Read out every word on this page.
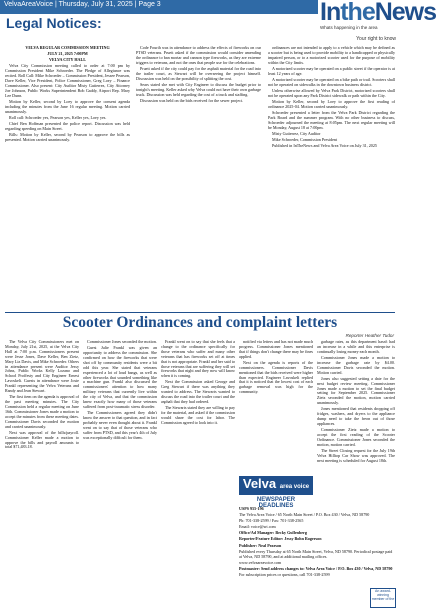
VelvaAreaVoice | Thursday, July 31, 2025 | Page 3	IntheNews
Whats happening in the area
Legal Notices:
Your right to know

VELVA REGULAR COMMISSION MEETING

JULY 21, 2025 7:00PM

VELVA CITY HALL

Velva City Commission meeting called to order at 7:00 pm by Commission President Mike Schroeder. The Pledge of Allegiance was recited. Roll Call: Mike Schroeder – Commission President, Jessee Pearson, Dave Keller, Vice President, Police Commissioner, Greg Loey – Finance Commissioner. Also present: City Auditor Misty Gutierrez, City Attorney Joe Johnson, Public Works Superintendent Bob Gaddy, Airport Rep. Mary Lee Dunn.

Motion by Keller, second by Loey to approve the consent agenda including the minutes from the June 16 regular meeting. Motion carried unanimously.

Roll call: Schroeder yes, Pearson yes, Keller yes, Loey yes.

Chief Ben Hoffman presented the police report. Discussion was held regarding speeding on Main Street.

Bills: Motion by Keller, second by Pearson to approve the bills as presented. Motion carried unanimously.

Code Fourth was in attendance to address the effects of fireworks on our PTSD veterans. Pruett asked if the commission would consider amending the ordinance to ban mortar and cannon type fireworks, as they are extreme triggers to veterans, and not the ones that people use for the celebrations.

Pruett asked if the city could pay for the asphalt material for the road into the trailer court, as Stewart will be overseeing the project himself. Discussion was held on the possibility of splitting the cost.

Sears stated she met with City Engineer to discuss the budget prior to tonight's meeting. Keller asked why Velva could not have their own garbage truck. Discussion was held regarding the cost of a truck and staffing.

Discussion was held on the bids received for the sewer project.

ordinances are not intended to apply to a vehicle which may be defined as a scooter but is being used to provide mobility to a handicapped or physically impaired person, or to a motorized scooter used for the purpose of mobility within the City limits.

A motorized scooter may be operated on a public street if the operator is at least 12 years of age.

A motorized scooter may be operated on a bike path or trail. Scooters shall not be operated on sidewalks in the downtown business district.

Unless otherwise allowed by Velva Park District, motorized scooters shall not be operated upon any Park District sidewalk or path within the City.

Motion by Keller, second by Loey to approve the first reading of ordinance 2025-04. Motion carried unanimously.

Schroeder presented a letter from the Velva Park District regarding the Park Board and the summer program. With no other business to discuss, Schroeder adjourned the meeting at 8:05pm. The next regular meeting will be Monday, August 18 at 7:00pm.

Misty Gutierrez, City Auditor

Mike Schroeder, Commission President

Published in InTheNews and Velva Area Voice on July 31, 2025

Scooter Ordinances and complaint letters
Reporter Heather Tudor

The Velva City Commissioners met on Monday, July 21st, 2025, at the Velva City Hall at 7:00 p.m. Commissioners present were Jesse Jones, Dave Keller, Ben Zietz, Mary Liz Davis, and Mike Schroeder. Others in attendance present were Auditor Jessy Johns, Public Works Kelly Lozano and School Proffesty and City Engineer Ernest Lavoskeli. Guests in attendance were Josie Frankl representing the Velva Veterans and Randy and Jean Stewart.

The first item on the agenda is approval of the past meeting minutes. The City Commission held a regular meeting on June 16th. Commissioner Jones made a motion to accept the minutes from these meeting dates. Commissioner Davis seconded the motion and carried unanimously.

Next was approval of the bills/payroll. Commissioner Keller made a motion to approve the bills and payroll amounts to total $71,483.18.

Commissioner Jones seconded the motion.

Guest Julie Frankl was given an opportunity to address the commission. She confirmed on how the fireworks that were shot off by community residents were a bit odd this year. She stated that veterans experienced a lot of loud bangs, as well as other fireworks that sounded something like a machine gun. Frankl also discussed the commissioners' attention to how many military veterans that currently live within the city of Velva, and that the commission knew exactly how many of those veterans suffered from post-traumatic stress disorder.

The Commissioners agreed they didn't know the answer to that question, and in fact probably never even thought about it. Frankl went on to say that of those veterans who suffer from PTSD, and this year's 4th of July was exceptionally difficult for them.

Frankl went on to say that she feels that a change to the ordinance specifically for those veterans who suffer and many other veterans that has fireworks set off at times that is not appropriate. Frankl and her said to those veterans that are suffering they will set fireworks that night and they now will know when it is coming.

Next the Commission asked George and Greg Stewart if there was anything they wanted to address. The Stewarts wanted to discuss the road into the trailer court and the asphalt that they had ordered.

The Stewarts stated they are willing to pay for the material, and asked if the commission would share the cost for labor. The Commission agreed to look into it.

notified via letters and has not made much progress. Commissioner Jones mentioned that if things don't change there may be fines applied.

Next on the agenda is reports of the commissioners. Commissioner Davis mentioned that the bids received were higher than expected. Engineer Lavoskeli replied that it is noticed that the lowest cost of each garbage removal was high for the community.

garbage rates, as this department hasn't had an increase in a while and this enterprise is continually losing money each month.

Commissioner Jones made a motion to increase the garbage rate by $4.00. Commissioner Davis seconded the motion. Motion carried.

Jones also suggested setting a date for the next budget review meeting. Commissioner Jones made a motion to set the final budget setting for September 2025. Commissioner Zietz seconded the motion, motion carried unanimously.

Jones mentioned that residents dropping off fridges, washers, and dryers to the appliance dump need to take the freon out of those appliances.

Commissioner Zietz made a motion to accept the first reading of the Scooter Ordinance. Commissioner Jones seconded the motion, motion carried.

The Street Closing request for the July 19th Velva Hilltop Car Show was approved. The next meeting is scheduled for August 18th.

Velva area voice
NEWSPAPER DEADLINES

USPS 955-196

The Velva Area Voice / 65 North Main Street / P.O. Box 430 / Velva, ND 58790

Ph: 701-338-2599 / Fax: 701-338-2565

Email: voice@srt.com

Office/Ad Manager: Becky Gullenberg

Reporter/Feature Editor: Jessy Bohn Rogerson

Publisher: Neal Pearson

Published every Thursday at 65 North Main Street, Velva, ND 58790. Periodical postage paid at Velva, ND 58790, and at additional mailing offices.

www.velvaareavoice.com

Postmaster: Send address changes to: Velva Area Voice / P.O. Box 430 / Velva, ND 58790

For subscription prices or questions, call 701-338-2599

An award-winning member of the
